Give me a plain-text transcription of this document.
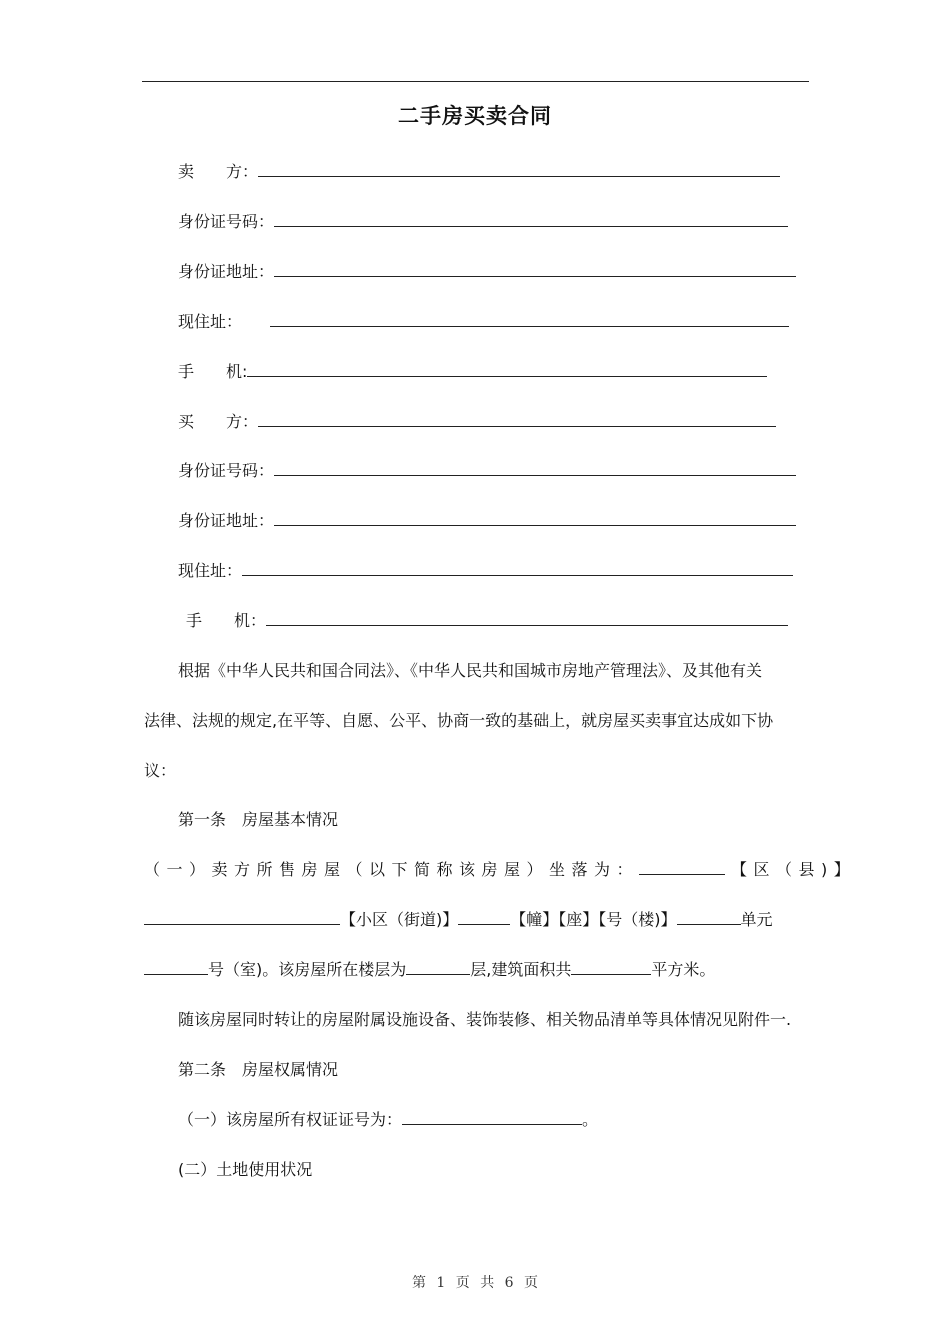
二手房买卖合同
卖　　方：
身份证号码：
身份证地址：
现住址：
手　　机:
买　　方：
身份证号码：
身份证地址：
现住址：
手　　机：
根据《中华人民共和国合同法》、《中华人民共和国城市房地产管理法》、及其他有关
法律、法规的规定,在平等、自愿、公平、协商一致的基础上，就房屋买卖事宜达成如下协
议：
第一条　房屋基本情况
（一）卖方所售房屋（以下简称该房屋）坐落为：	【区（县)】
【小区（街道)】	【幢】【座】【号（楼)】	单元
号（室)。该房屋所在楼层为	层,建筑面积共	平方米。
随该房屋同时转让的房屋附属设施设备、装饰装修、相关物品清单等具体情况见附件一.
第二条　房屋权属情况
（一）该房屋所有权证证号为：	。
(二）土地使用状况
第 1 页 共 6 页
